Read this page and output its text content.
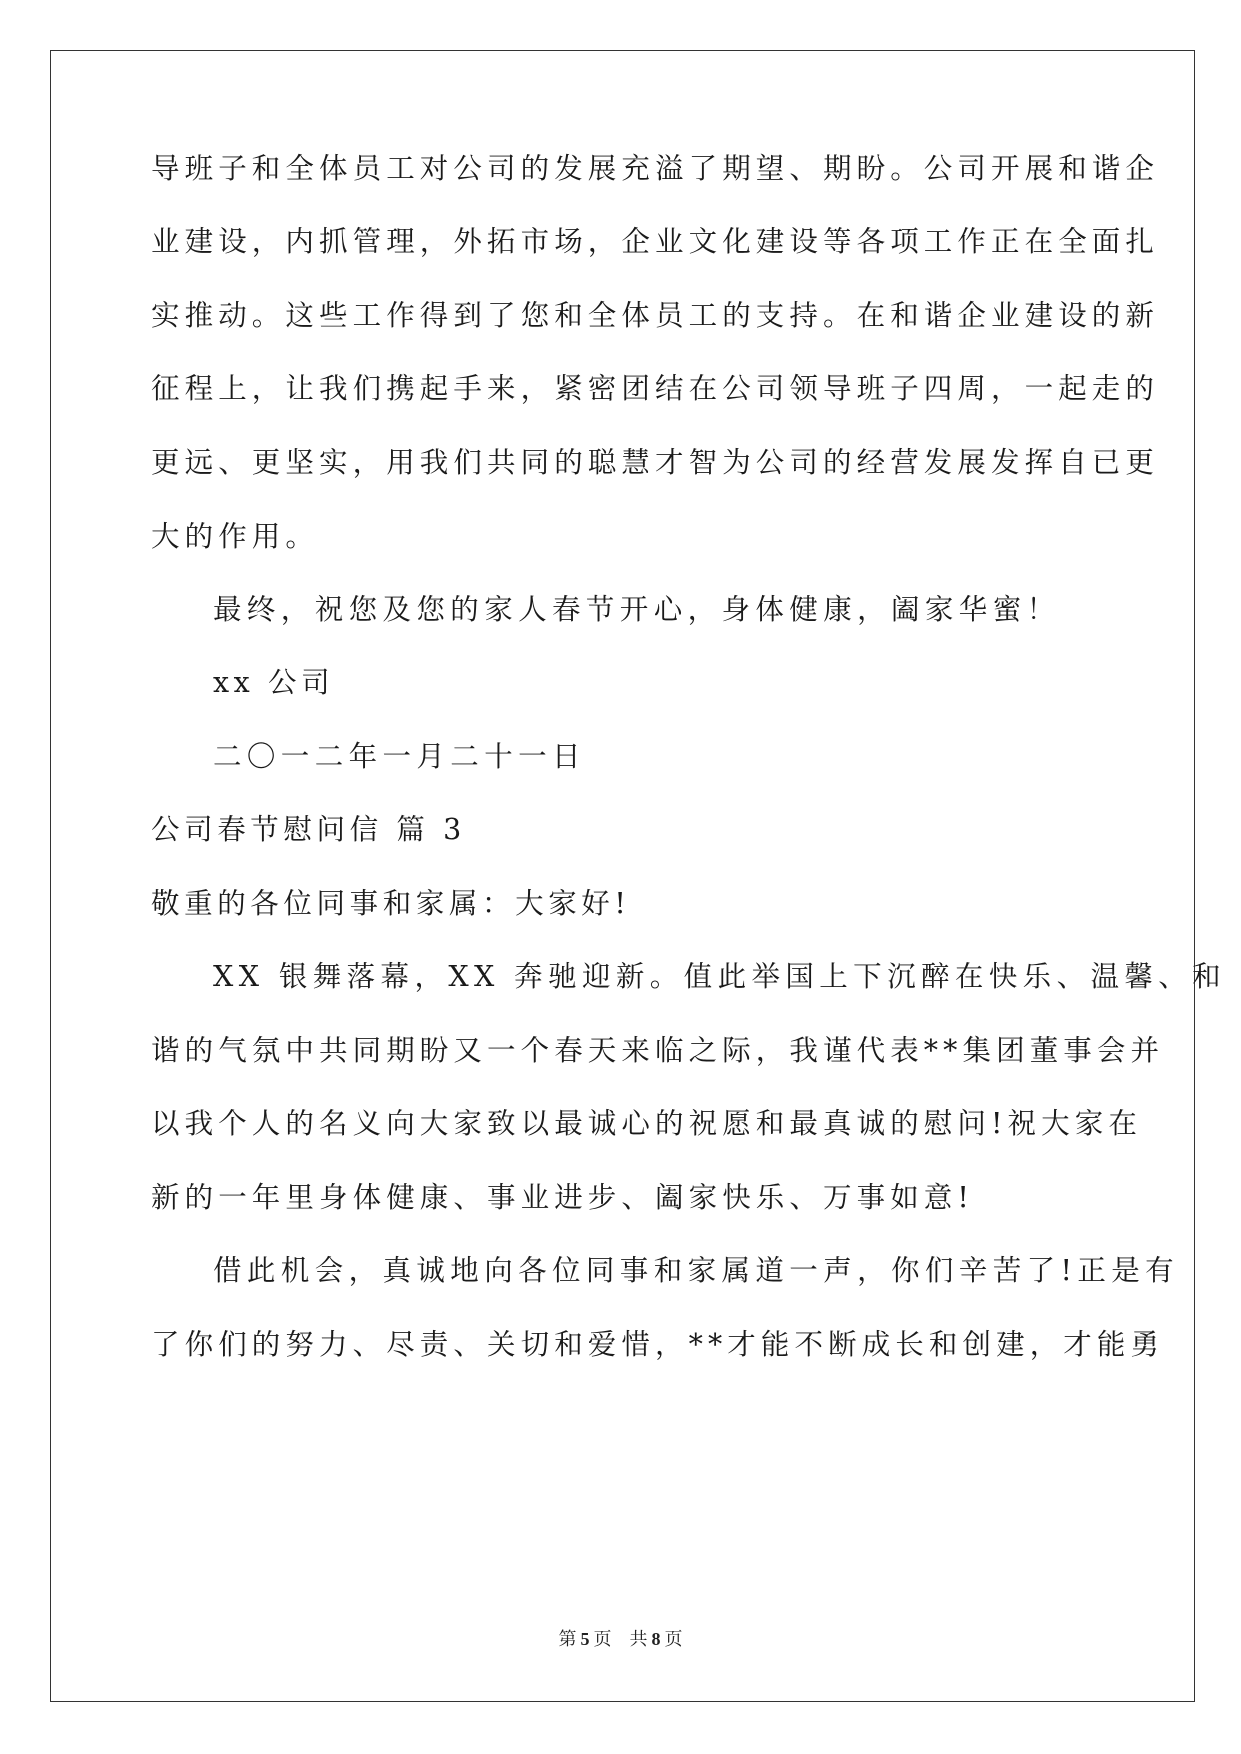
导班子和全体员工对公司的发展充溢了期望、期盼。公司开展和谐企
业建设，内抓管理，外拓市场，企业文化建设等各项工作正在全面扎
实推动。这些工作得到了您和全体员工的支持。在和谐企业建设的新
征程上，让我们携起手来，紧密团结在公司领导班子四周，一起走的
更远、更坚实，用我们共同的聪慧才智为公司的经营发展发挥自已更
大的作用。
最终，祝您及您的家人春节开心，身体健康，阖家华蜜！
xx 公司
二〇一二年一月二十一日
公司春节慰问信 篇 3
敬重的各位同事和家属：大家好!
XX 银舞落幕，XX 奔驰迎新。值此举国上下沉醉在快乐、温馨、和
谐的气氛中共同期盼又一个春天来临之际，我谨代表**集团董事会并
以我个人的名义向大家致以最诚心的祝愿和最真诚的慰问!祝大家在
新的一年里身体健康、事业进步、阖家快乐、万事如意!
借此机会，真诚地向各位同事和家属道一声，你们辛苦了!正是有
了你们的努力、尽责、关切和爱惜，**才能不断成长和创建，才能勇
第 5 页　共 8 页
